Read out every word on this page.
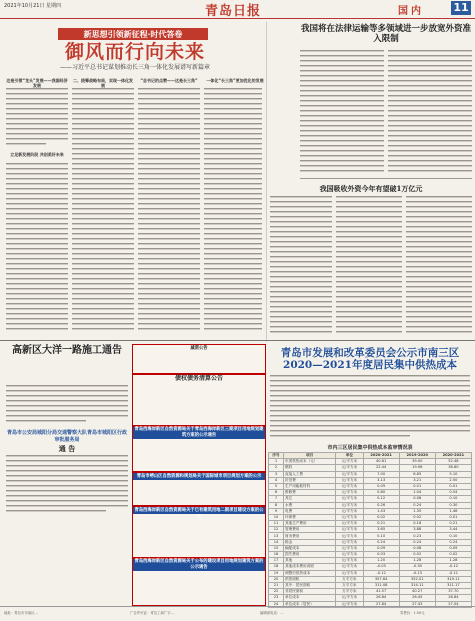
2021年10月21日 星期四	青岛日报	国内	11
新思想引领新征程·时代答卷
御风而行向未来
——习近平总书记谋划推动长三角一体化发展谱写新篇章
这是引领“龙头”发展——我国经济发展
二、统筹战略布局，实现一体化发展
“总书记的点赞——这是长三角”	一体化“长三角”更加优化的发展
立足新发展阶段 共创美好未来
我国将在法律运输等多领域进一步放宽外资准入限制
我国吸收外资今年有望破1万亿元
高新区大洋一路施工通告
青岛市公安局城阳分局交通警察大队青岛市城阳区行政审批服务局
通 告
减资公告
债权债务清算公告
青岛西海岸新区自然资源局关于青岛西海岸新区三期项目用地规划建筑方案的公示通告
青岛市崂山区自然资源和规划局关于国际城市项目规划方案的公示
青岛西海岸新区自然资源局关于已有建筑用地二期项目建设方案的公示
青岛西海岸新区自然资源局关于公布的建设项目用地规划建筑方案的公示通告
青岛市发展和改革委员会公示市南三区2020—2021年度居民集中供热成本
市内三区居民集中供热成本监审情况表
序号	项目	单位	2020-2021	2019-2020	2020-2021
1	年度供热成本（元）	元/平方米	40.81	39.00	52.48
2	燃料	元/平方米	22.44	19.96	36.60
3	直接人工费	元/平方米	7.00	6.85	5.10
4	折旧费	元/平方米	3.13	3.21	2.50
5	生产用能耗材料	元/平方米	0.09	0.01	0.01
6	维修费	元/平方米	0.80	1.04	0.54
7	其它	元/平方米	0.12	0.08	0.10
8	水费	元/平方米	0.26	0.24	0.30
9	电费	元/平方米	1.43	1.35	1.46
10	环保费	元/平方米	0.02	0.02	0.01
11	其他生产费用	元/平方米	0.21	0.18	0.21
12	管理费用	元/平方米	3.65	3.88	3.44
13	财务费用	元/平方米	0.10	0.23	0.10
14	税金	元/平方米	0.24	0.24	0.24
15	输配成本	元/平方米	0.09	0.08	0.09
16	损失费用	元/平方米	0.03	0.02	0.02
17	其他	元/平方米	1.20	1.28	1.28
18	其他成本费用说明	元/平方米	-0.03	-0.30	-0.12
19	调整后供热成本	元/平方米	-0.12	-0.13	-0.11
20	供热面积	万平方米	357.64	352.01	319.11
21	其中：居民面积	万平方米	311.08	314.11	311.17
22	非居民面积	万平方米	41.57	40.27	37.70
23	单位成本	元/平方米	26.84	26.45	26.84
24	单位成本（居民）	元/平方米	27.84	27.43	27.04
地址：青岛市市南区…	广告许可证：青岛工商广字…	编辑部电话：…	零售价：1.50元
